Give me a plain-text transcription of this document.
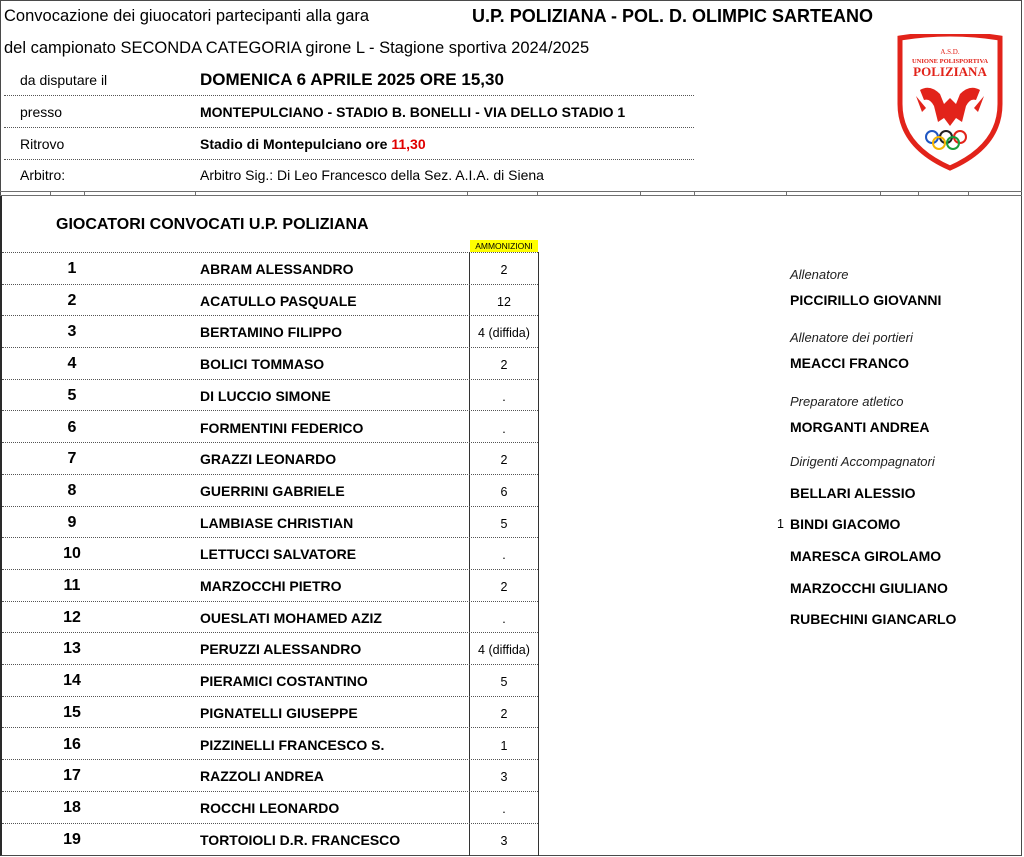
Convocazione dei giuocatori partecipanti alla gara	U.P. POLIZIANA - POL. D. OLIMPIC SARTEANO
del campionato SECONDA CATEGORIA girone L - Stagione sportiva 2024/2025
da disputare il	DOMENICA 6 APRILE 2025 ORE 15,30
presso	MONTEPULCIANO - STADIO B. BONELLI - VIA DELLO STADIO 1
Ritrovo	Stadio di Montepulciano ore 11,30
Arbitro:	Arbitro Sig.: Di Leo Francesco della Sez. A.I.A. di Siena
A.S.D.
UNIONE POLISPORTIVA
POLIZIANA
GIOCATORI CONVOCATI U.P. POLIZIANA
AMMONIZIONI
1	ABRAM ALESSANDRO	2
2	ACATULLO PASQUALE	12
3	BERTAMINO FILIPPO	4 (diffida)
4	BOLICI TOMMASO	2
5	DI LUCCIO SIMONE	.
6	FORMENTINI FEDERICO	.
7	GRAZZI LEONARDO	2
8	GUERRINI GABRIELE	6
9	LAMBIASE CHRISTIAN	5
10	LETTUCCI SALVATORE	.
11	MARZOCCHI PIETRO	2
12	OUESLATI MOHAMED AZIZ	.
13	PERUZZI ALESSANDRO	4 (diffida)
14	PIERAMICI COSTANTINO	5
15	PIGNATELLI GIUSEPPE	2
16	PIZZINELLI FRANCESCO S.	1
17	RAZZOLI ANDREA	3
18	ROCCHI LEONARDO	.
19	TORTOIOLI D.R. FRANCESCO	3
Allenatore
PICCIRILLO GIOVANNI
Allenatore dei portieri
MEACCI FRANCO
Preparatore atletico
MORGANTI ANDREA
Dirigenti Accompagnatori
BELLARI ALESSIO
1 BINDI GIACOMO
MARESCA GIROLAMO
MARZOCCHI GIULIANO
RUBECHINI GIANCARLO
